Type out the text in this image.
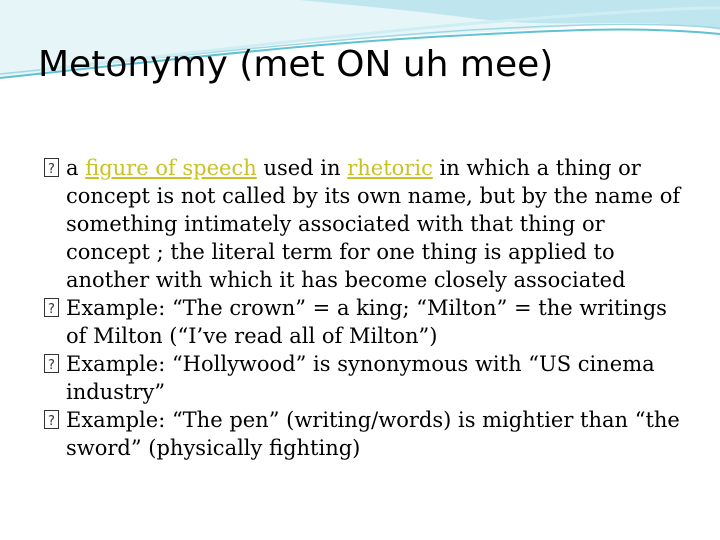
Metonymy (met ON uh mee)
?
a figure of speech used in rhetoric in which a thing or concept is not called by its own name, but by the name of something intimately associated with that thing or concept ; the literal term for one thing is applied to another with which it has become closely associated
?
Example: “The crown” = a king; “Milton” = the writings of Milton (“I’ve read all of Milton”)
?
Example: “Hollywood” is synonymous with “US cinema industry”
?
Example: “The pen” (writing/words) is mightier than “the sword” (physically fighting)
